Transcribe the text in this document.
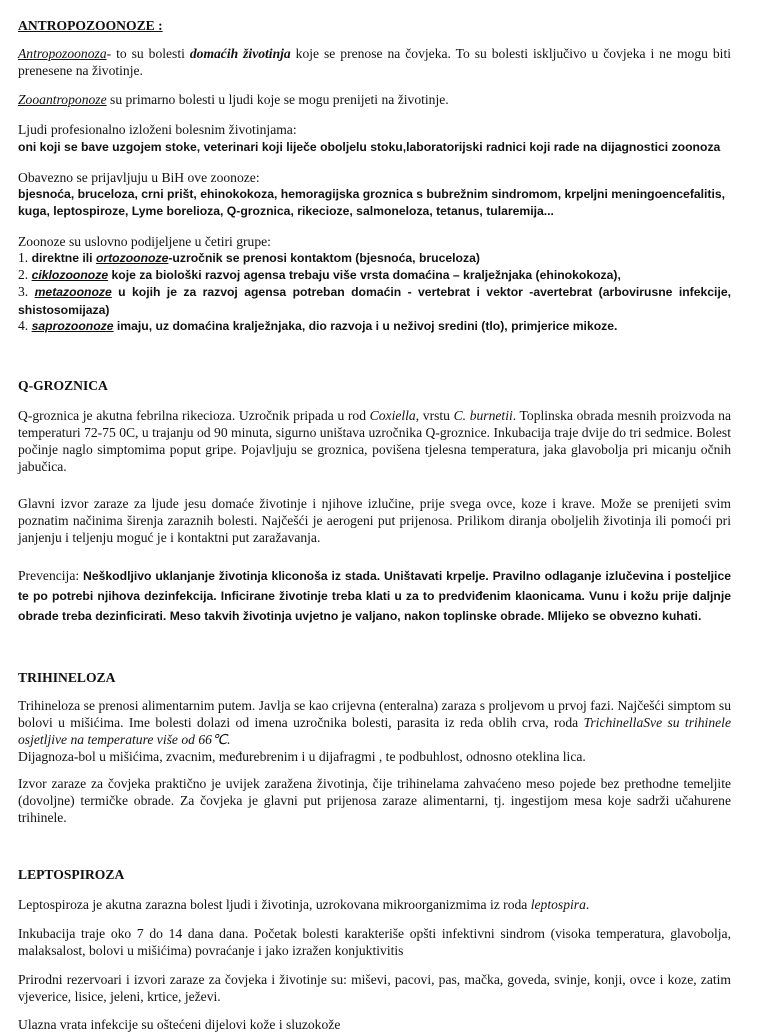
ANTROPOZOONOZE :

Antropozoonoza- to su bolesti domaćih životinja koje se prenose na čovjeka. To su bolesti isključivo u čovjeka i ne mogu biti prenesene na životinje.

Zooantroponoze su primarno bolesti u ljudi koje se mogu prenijeti na životinje.

Ljudi profesionalno izloženi bolesnim životinjama:

oni koji se bave uzgojem stoke, veterinari koji liječe oboljelu stoku,laboratorijski radnici koji rade na dijagnostici zoonoza

Obavezno se prijavljuju u BiH ove zoonoze:

bjesnoća, bruceloza, crni prišt, ehinokokoza, hemoragijska groznica s bubrežnim sindromom, krpeljni meningoencefalitis, kuga, leptospiroze, Lyme borelioza, Q-groznica, rikecioze, salmoneloza, tetanus, tularemija...

Zoonoze su uslovno podijeljene u četiri grupe:

1. direktne ili ortozoonoze-uzročnik se prenosi kontaktom (bjesnoća, bruceloza)

2. ciklozoonoze koje za biološki razvoj agensa trebaju više vrsta domaćina – kralježnjaka (ehinokokoza),

3. metazoonoze u kojih je za razvoj agensa potreban domaćin - vertebrat i vektor -avertebrat (arbovirusne infekcije, shistosomijaza)

4. saprozoonoze imaju, uz domaćina kralježnjaka, dio razvoja i u neživoj sredini (tlo), primjerice mikoze.

Q-GROZNICA

Q-groznica je akutna febrilna rikecioza. Uzročnik pripada u rod Coxiella, vrstu C. burnetii. Toplinska obrada mesnih proizvoda na temperaturi 72-75 0C, u trajanju od 90 minuta, sigurno uništava uzročnika Q-groznice. Inkubacija traje dvije do tri sedmice. Bolest počinje naglo simptomima poput gripe. Pojavljuju se groznica, povišena tjelesna temperatura, jaka glavobolja pri micanju očnih jabučica.

Glavni izvor zaraze za ljude jesu domaće životinje i njihove izlučine, prije svega ovce, koze i krave. Može se prenijeti svim poznatim načinima širenja zaraznih bolesti. Najčešći je aerogeni put prijenosa. Prilikom diranja oboljelih životinja ili pomoći pri janjenju i teljenju moguć je i kontaktni put zaražavanja.

Prevencija: Neškodljivo uklanjanje životinja kliconoša iz stada. Uništavati krpelje. Pravilno odlaganje izlučevina i posteljice te po potrebi njihova dezinfekcija. Inficirane životinje treba klati u za to predviđenim klaonicama. Vunu i kožu prije daljnje obrade treba dezinficirati. Meso takvih životinja uvjetno je valjano, nakon toplinske obrade. Mlijeko se obvezno kuhati.

TRIHINELOZA

Trihineloza se prenosi alimentarnim putem. Javlja se kao crijevna (enteralna) zaraza s proljevom u prvoj fazi. Najčešći simptom su bolovi u mišićima. Ime bolesti dolazi od imena uzročnika bolesti, parasita iz reda oblih crva, roda TrichinellaSve su trihinele osjetljive na temperature više od 66℃.
Dijagnoza-bol u mišićima, zvacnim, međurebrenim i u dijafragmi , te podbuhlost, odnosno oteklina lica.

Izvor zaraze za čovjeka praktično je uvijek zaražena životinja, čije trihinelama zahvaćeno meso pojede bez prethodne temeljite (dovoljne) termičke obrade. Za čovjeka je glavni put prijenosa zaraze alimentarni, tj. ingestijom mesa koje sadrži učahurene trihinele.

LEPTOSPIROZA

Leptospiroza je akutna zarazna bolest ljudi i životinja, uzrokovana mikroorganizmima iz roda leptospira.

Inkubacija traje oko 7 do 14 dana dana. Početak bolesti karakteriše opšti infektivni sindrom (visoka temperatura, glavobolja, malaksalost, bolovi u mišićima) povraćanje i jako izražen konjuktivitis

Prirodni rezervoari i izvori zaraze za čovjeka i životinje su: miševi, pacovi, pas, mačka, goveda, svinje, konji, ovce i koze, zatim vjeverice, lisice, jeleni, krtice, ježevi.

Ulazna vrata infekcije su oštećeni dijelovi kože i sluzokože
